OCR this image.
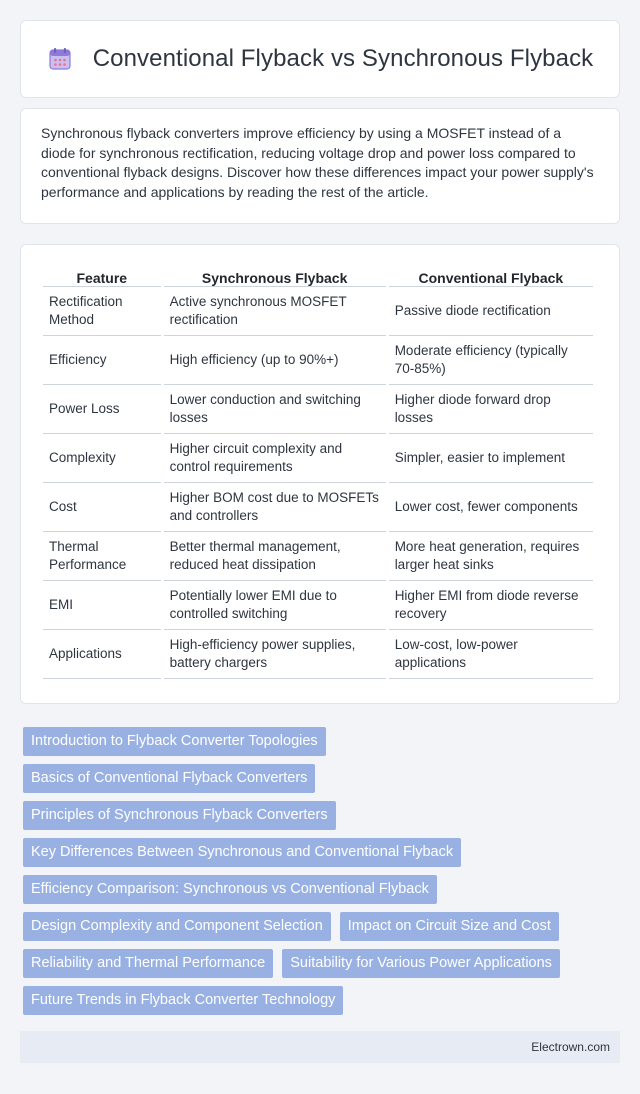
Conventional Flyback vs Synchronous Flyback

Synchronous flyback converters improve efficiency by using a MOSFET instead of a diode for synchronous rectification, reducing voltage drop and power loss compared to conventional flyback designs. Discover how these differences impact your power supply's performance and applications by reading the rest of the article.

Feature	Synchronous Flyback	Conventional Flyback
Rectification Method	Active synchronous MOSFET rectification	Passive diode rectification
Efficiency	High efficiency (up to 90%+)	Moderate efficiency (typically 70-85%)
Power Loss	Lower conduction and switching losses	Higher diode forward drop losses
Complexity	Higher circuit complexity and control requirements	Simpler, easier to implement
Cost	Higher BOM cost due to MOSFETs and controllers	Lower cost, fewer components
Thermal Performance	Better thermal management, reduced heat dissipation	More heat generation, requires larger heat sinks
EMI	Potentially lower EMI due to controlled switching	Higher EMI from diode reverse recovery
Applications	High-efficiency power supplies, battery chargers	Low-cost, low-power applications
Introduction to Flyback Converter Topologies
Basics of Conventional Flyback Converters
Principles of Synchronous Flyback Converters
Key Differences Between Synchronous and Conventional Flyback
Efficiency Comparison: Synchronous vs Conventional Flyback
Design Complexity and Component Selection	Impact on Circuit Size and Cost
Reliability and Thermal Performance	Suitability for Various Power Applications
Future Trends in Flyback Converter Technology
Electrown.com
